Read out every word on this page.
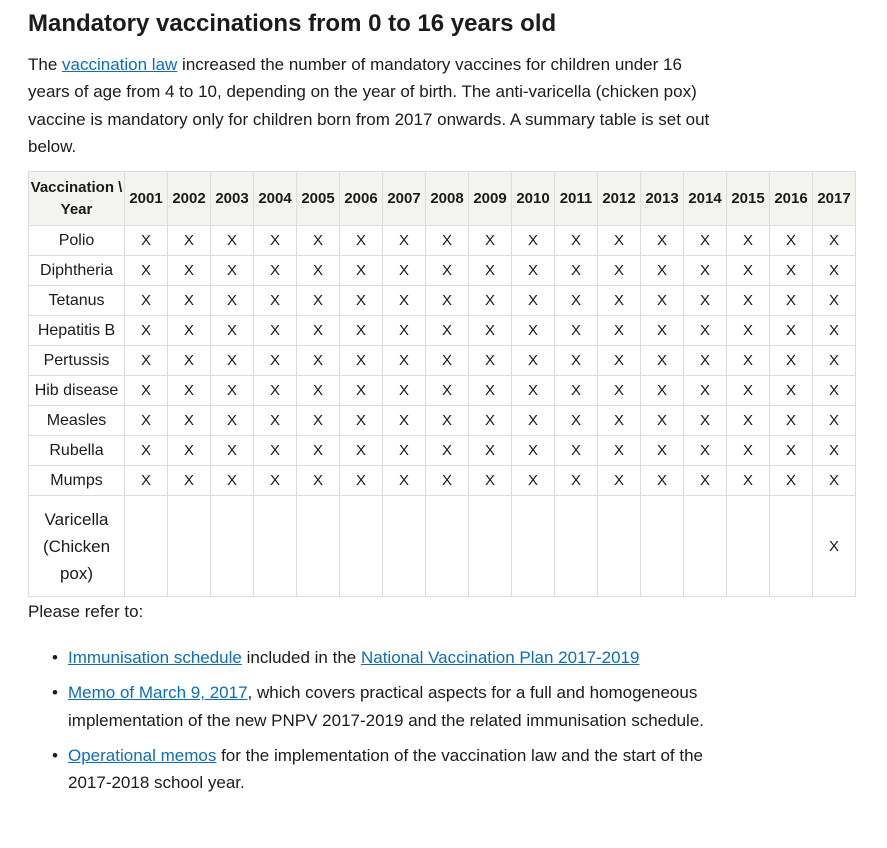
Mandatory vaccinations from 0 to 16 years old

The vaccination law increased the number of mandatory vaccines for children under 16 years of age from 4 to 10, depending on the year of birth. The anti-varicella (chicken pox) vaccine is mandatory only for children born from 2017 onwards. A summary table is set out below.

Vaccination \ Year	2001	2002	2003	2004	2005	2006	2007	2008	2009	2010	2011	2012	2013	2014	2015	2016	2017
Polio	X	X	X	X	X	X	X	X	X	X	X	X	X	X	X	X	X
Diphtheria	X	X	X	X	X	X	X	X	X	X	X	X	X	X	X	X	X
Tetanus	X	X	X	X	X	X	X	X	X	X	X	X	X	X	X	X	X
Hepatitis B	X	X	X	X	X	X	X	X	X	X	X	X	X	X	X	X	X
Pertussis	X	X	X	X	X	X	X	X	X	X	X	X	X	X	X	X	X
Hib disease	X	X	X	X	X	X	X	X	X	X	X	X	X	X	X	X	X
Measles	X	X	X	X	X	X	X	X	X	X	X	X	X	X	X	X	X
Rubella	X	X	X	X	X	X	X	X	X	X	X	X	X	X	X	X	X
Mumps	X	X	X	X	X	X	X	X	X	X	X	X	X	X	X	X	X
Varicella (Chicken pox)																	X

Please refer to:

• Immunisation schedule included in the National Vaccination Plan 2017-2019
• Memo of March 9, 2017, which covers practical aspects for a full and homogeneous implementation of the new PNPV 2017-2019 and the related immunisation schedule.
• Operational memos for the implementation of the vaccination law and the start of the 2017-2018 school year.
